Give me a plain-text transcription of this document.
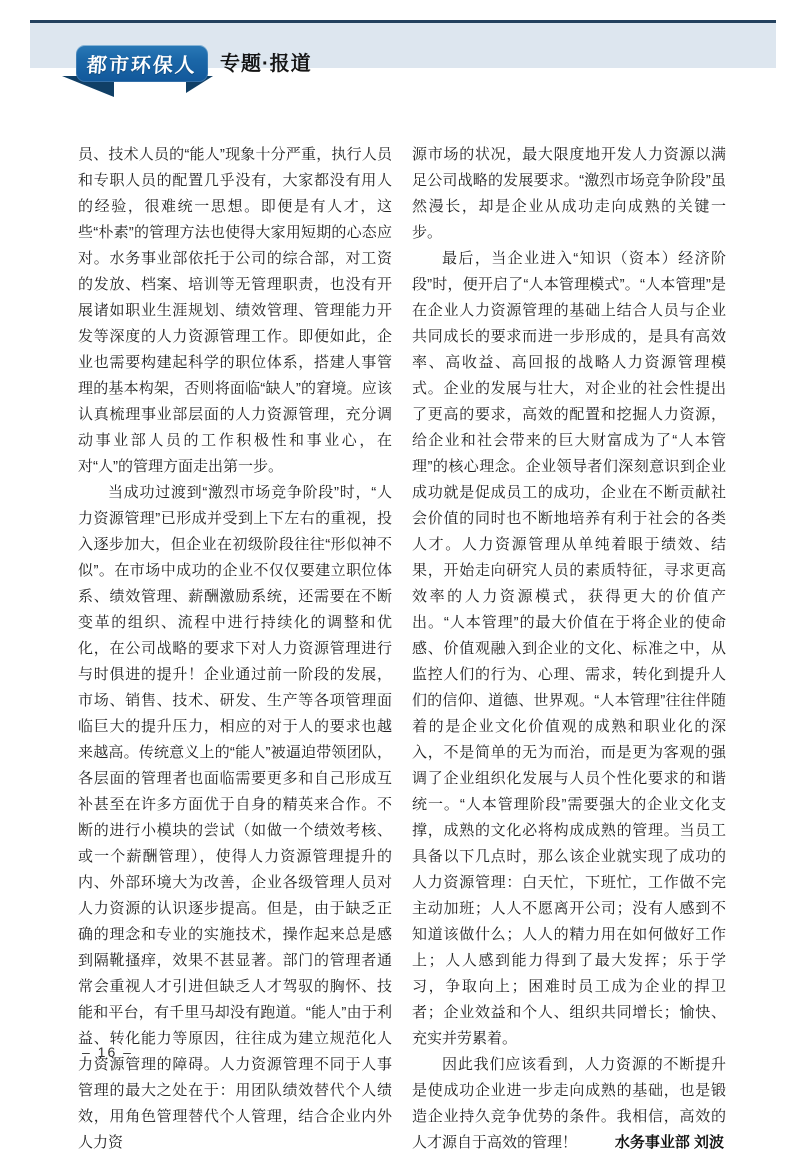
都市环保人 专题·报道

员、技术人员的“能人”现象十分严重，执行人员和专职人员的配置几乎没有，大家都没有用人的经验，很难统一思想。即便是有人才，这些“朴素”的管理方法也使得大家用短期的心态应对。水务事业部依托于公司的综合部，对工资的发放、档案、培训等无管理职责，也没有开展诸如职业生涯规划、绩效管理、管理能力开发等深度的人力资源管理工作。即便如此，企业也需要构建起科学的职位体系，搭建人事管理的基本构架，否则将面临“缺人”的窘境。应该认真梳理事业部层面的人力资源管理，充分调动事业部人员的工作积极性和事业心，在对“人”的管理方面走出第一步。

当成功过渡到“激烈市场竞争阶段”时，“人力资源管理”已形成并受到上下左右的重视，投入逐步加大，但企业在初级阶段往往“形似神不似”。在市场中成功的企业不仅仅要建立职位体系、绩效管理、薪酬激励系统，还需要在不断变革的组织、流程中进行持续化的调整和优化，在公司战略的要求下对人力资源管理进行与时俱进的提升！企业通过前一阶段的发展，市场、销售、技术、研发、生产等各项管理面临巨大的提升压力，相应的对于人的要求也越来越高。传统意义上的“能人”被逼迫带领团队，各层面的管理者也面临需要更多和自己形成互补甚至在许多方面优于自身的精英来合作。不断的进行小模块的尝试（如做一个绩效考核、或一个薪酬管理），使得人力资源管理提升的内、外部环境大为改善，企业各级管理人员对人力资源的认识逐步提高。但是，由于缺乏正确的理念和专业的实施技术，操作起来总是感到隔靴搔痒，效果不甚显著。部门的管理者通常会重视人才引进但缺乏人才驾驭的胸怀、技能和平台，有千里马却没有跑道。“能人”由于利益、转化能力等原因，往往成为建立规范化人力资源管理的障碍。人力资源管理不同于人事管理的最大之处在于：用团队绩效替代个人绩效，用角色管理替代个人管理，结合企业内外人力资

源市场的状况，最大限度地开发人力资源以满足公司战略的发展要求。“激烈市场竞争阶段”虽然漫长，却是企业从成功走向成熟的关键一步。

最后，当企业进入“知识（资本）经济阶段”时，便开启了“人本管理模式”。“人本管理”是在企业人力资源管理的基础上结合人员与企业共同成长的要求而进一步形成的，是具有高效率、高收益、高回报的战略人力资源管理模式。企业的发展与壮大，对企业的社会性提出了更高的要求，高效的配置和挖掘人力资源，给企业和社会带来的巨大财富成为了“人本管理”的核心理念。企业领导者们深刻意识到企业成功就是促成员工的成功，企业在不断贡献社会价值的同时也不断地培养有利于社会的各类人才。人力资源管理从单纯着眼于绩效、结果，开始走向研究人员的素质特征，寻求更高效率的人力资源模式，获得更大的价值产出。“人本管理”的最大价值在于将企业的使命感、价值观融入到企业的文化、标准之中，从监控人们的行为、心理、需求，转化到提升人们的信仰、道德、世界观。“人本管理”往往伴随着的是企业文化价值观的成熟和职业化的深入，不是简单的无为而治，而是更为客观的强调了企业组织化发展与人员个性化要求的和谐统一。“人本管理阶段”需要强大的企业文化支撑，成熟的文化必将构成成熟的管理。当员工具备以下几点时，那么该企业就实现了成功的人力资源管理：白天忙，下班忙，工作做不完主动加班；人人不愿离开公司；没有人感到不知道该做什么；人人的精力用在如何做好工作上；人人感到能力得到了最大发挥；乐于学习，争取向上；困难时员工成为企业的捍卫者；企业效益和个人、组织共同增长；愉快、充实并劳累着。

因此我们应该看到，人力资源的不断提升是使成功企业进一步走向成熟的基础，也是锻造企业持久竞争优势的条件。我相信，高效的人才源自于高效的管理！	水务事业部 刘波
– 16 –
